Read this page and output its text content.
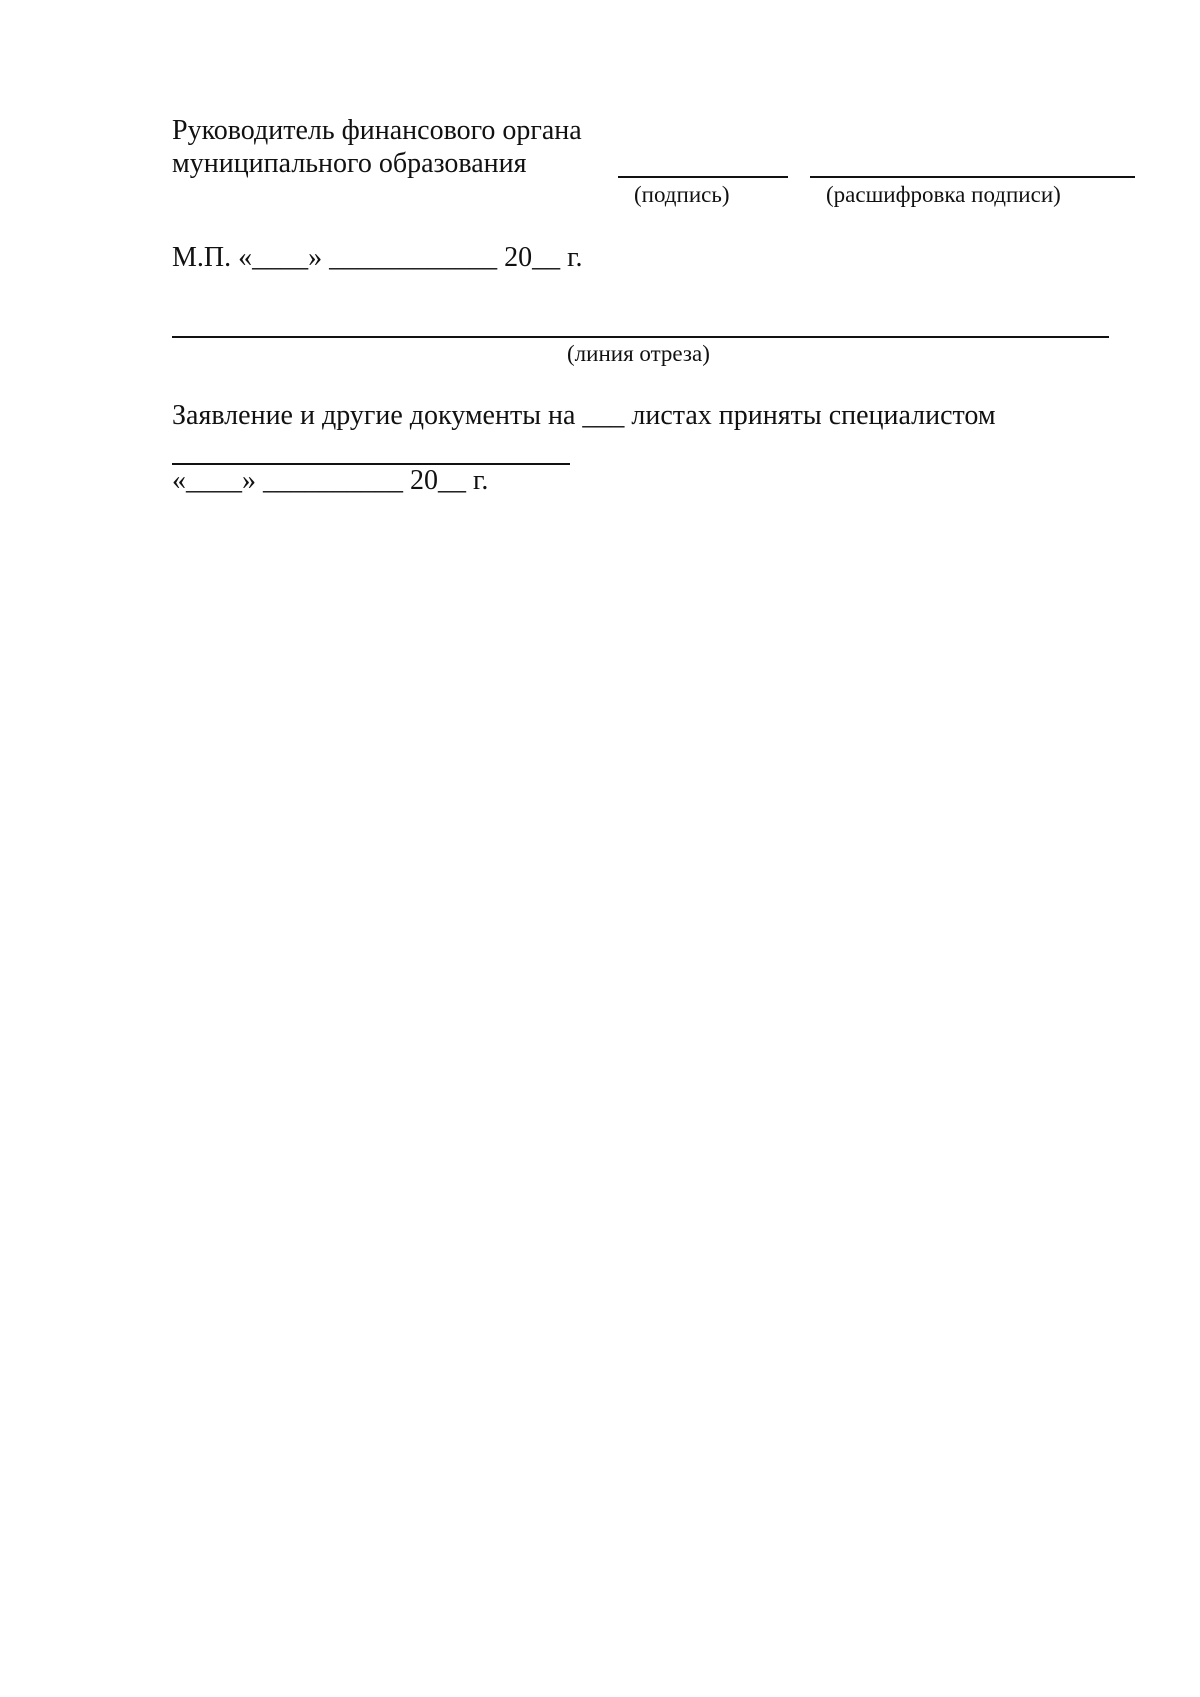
Руководитель финансового органа
муниципального образования
(подпись)	(расшифровка подписи)
М.П. «____» ____________ 20__ г.
(линия отреза)
Заявление и другие документы на ___ листах приняты специалистом
«____» __________ 20__ г.
